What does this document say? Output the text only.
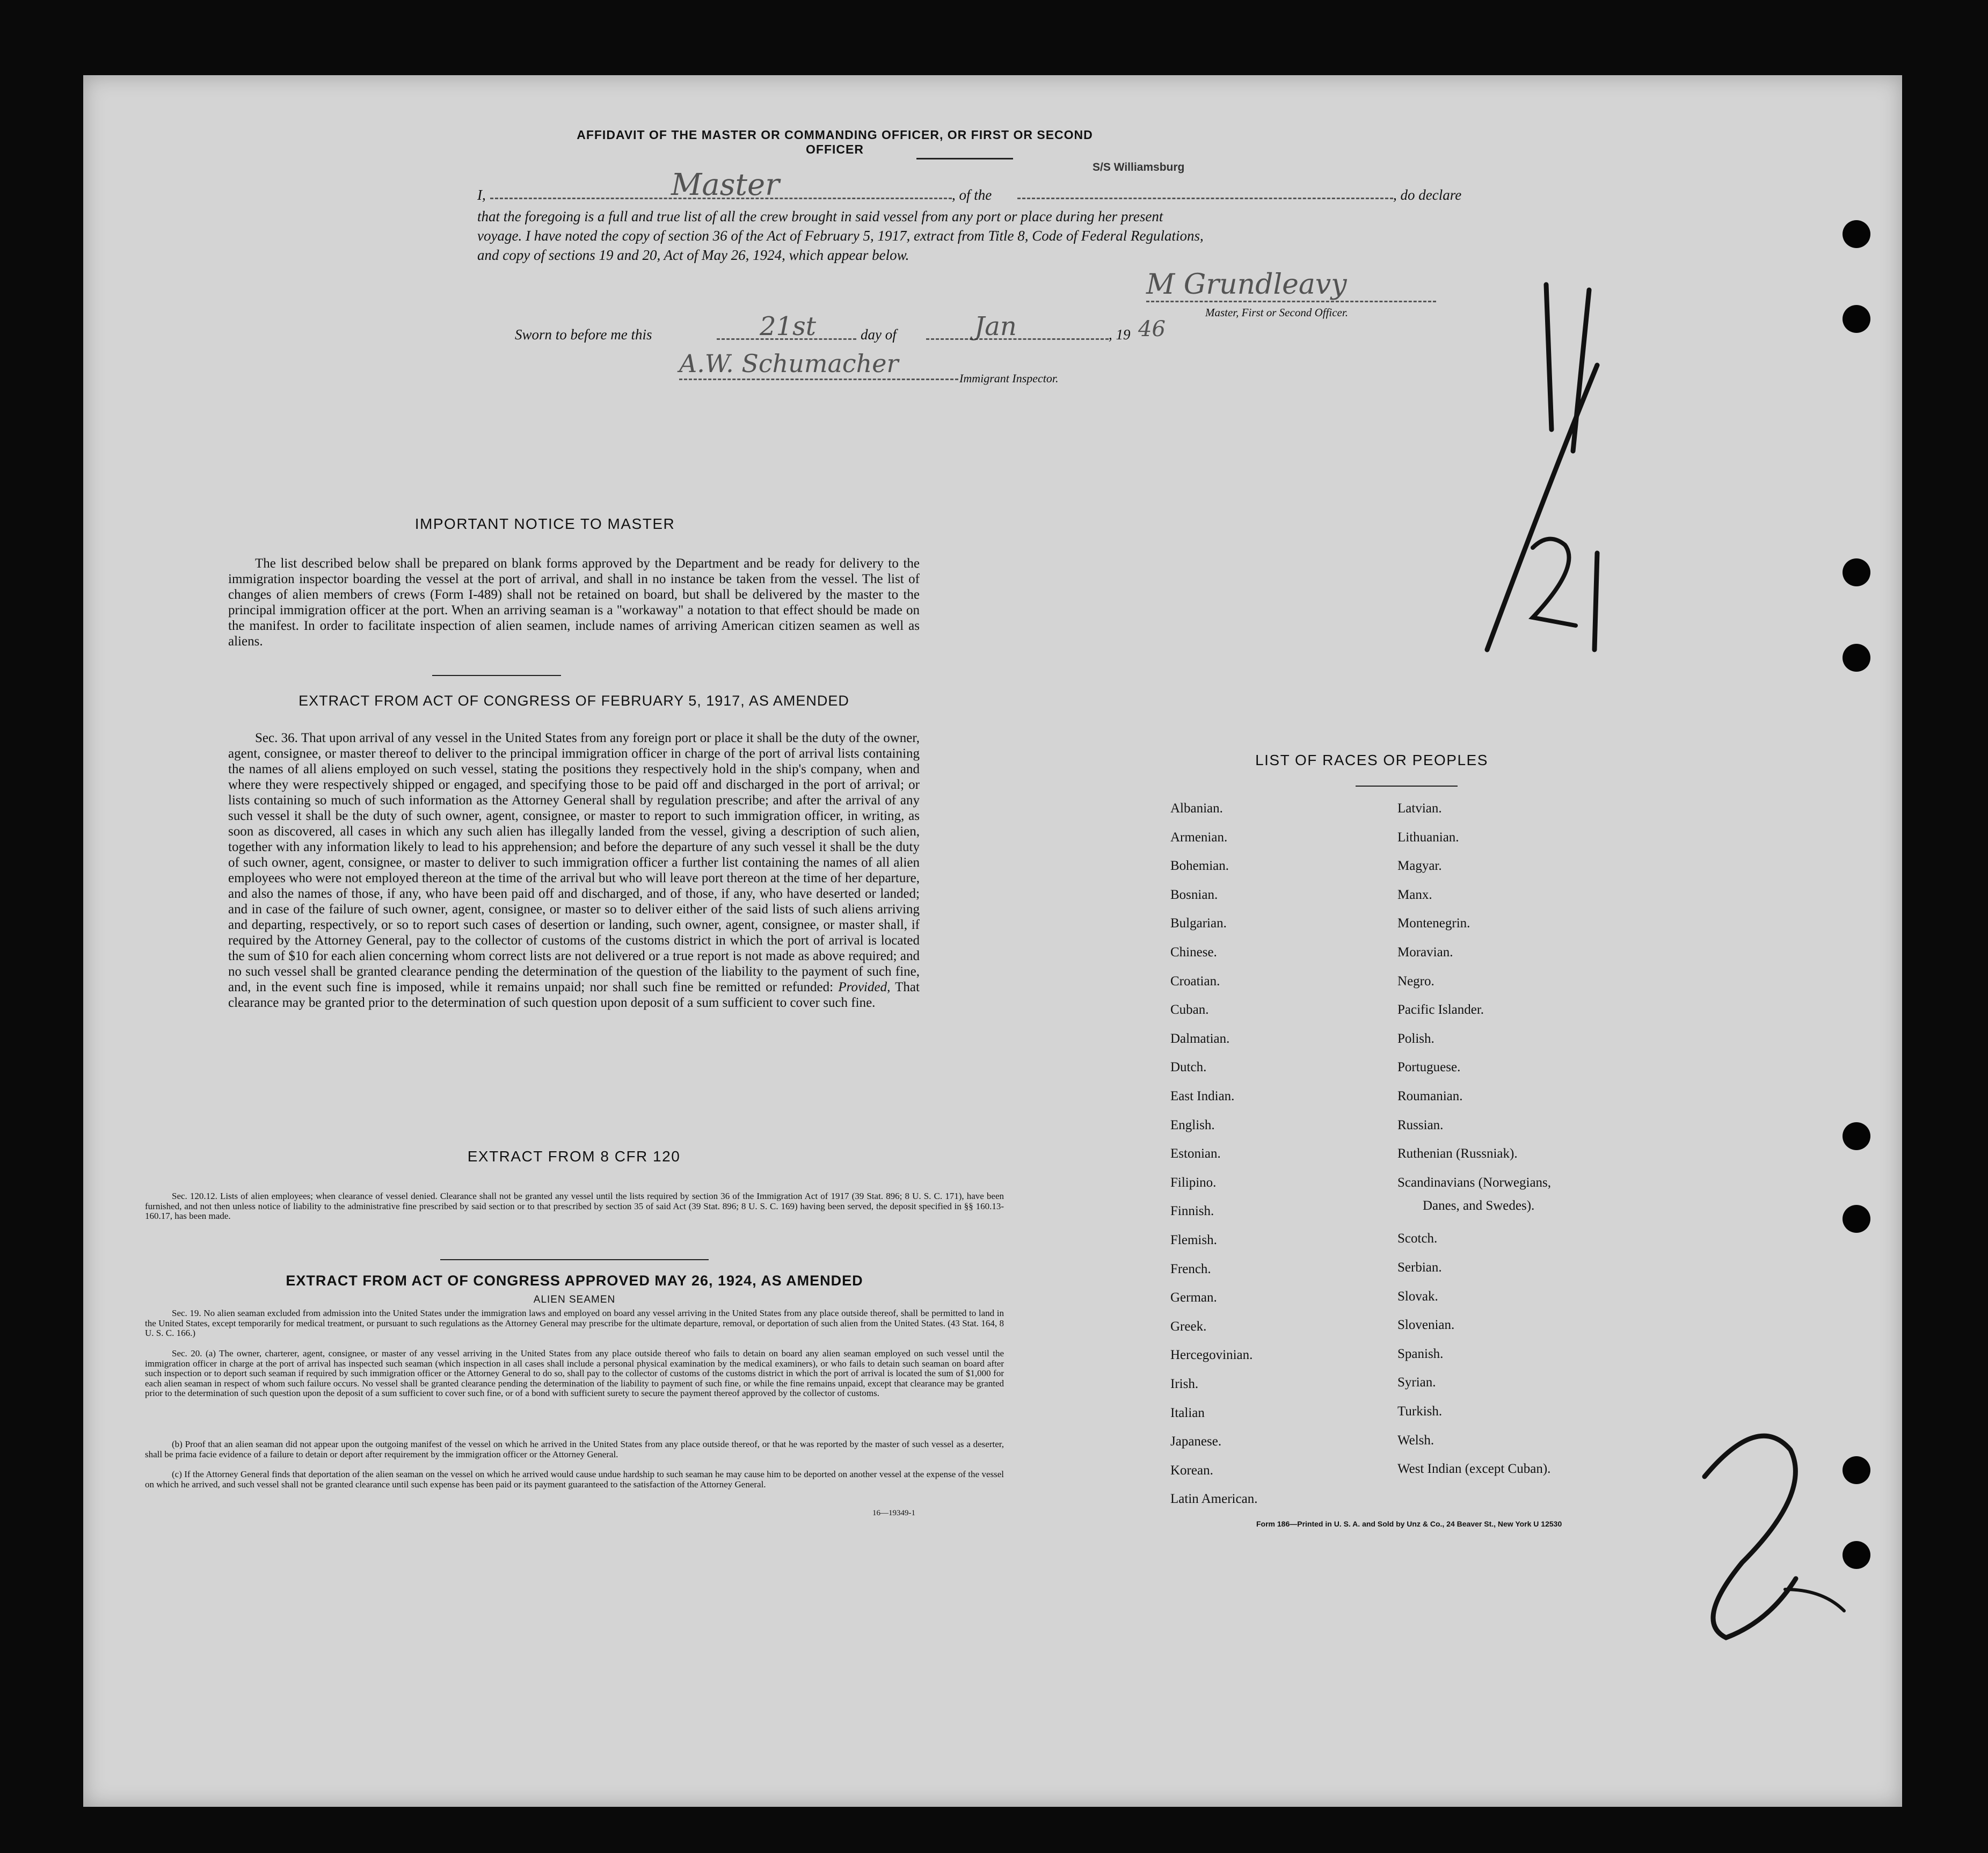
AFFIDAVIT OF THE MASTER OR COMMANDING OFFICER, OR FIRST OR SECOND OFFICER
I,	Master	, of the
S/S Williamsburg
, do declare
that the foregoing is a full and true list of all the crew brought in said vessel from any port or place during her present
voyage. I have noted the copy of section 36 of the Act of February 5, 1917, extract from Title 8, Code of Federal Regulations,
and copy of sections 19 and 20, Act of May 26, 1924, which appear below.
M Grundleavy
Master, First or Second Officer.
Sworn to before me this	21st	day of	Jan	, 19 46
A.W. Schumacher
Immigrant Inspector.
IMPORTANT NOTICE TO MASTER
The list described below shall be prepared on blank forms approved by the Department and be ready for delivery to the immigration inspector boarding the vessel at the port of arrival, and shall in no instance be taken from the vessel. The list of changes of alien members of crews (Form I-489) shall not be retained on board, but shall be delivered by the master to the principal immigration officer at the port. When an arriving seaman is a "workaway" a notation to that effect should be made on the manifest. In order to facilitate inspection of alien seamen, include names of arriving American citizen seamen as well as aliens.
EXTRACT FROM ACT OF CONGRESS OF FEBRUARY 5, 1917, AS AMENDED
Sec. 36. That upon arrival of any vessel in the United States from any foreign port or place it shall be the duty of the owner, agent, consignee, or master thereof to deliver to the principal immigration officer in charge of the port of arrival lists containing the names of all aliens employed on such vessel, stating the positions they respectively hold in the ship's company, when and where they were respectively shipped or engaged, and specifying those to be paid off and discharged in the port of arrival; or lists containing so much of such information as the Attorney General shall by regulation prescribe; and after the arrival of any such vessel it shall be the duty of such owner, agent, consignee, or master to report to such immigration officer, in writing, as soon as discovered, all cases in which any such alien has illegally landed from the vessel, giving a description of such alien, together with any information likely to lead to his apprehension; and before the departure of any such vessel it shall be the duty of such owner, agent, consignee, or master to deliver to such immigration officer a further list containing the names of all alien employees who were not employed thereon at the time of the arrival but who will leave port thereon at the time of her departure, and also the names of those, if any, who have been paid off and discharged, and of those, if any, who have deserted or landed; and in case of the failure of such owner, agent, consignee, or master so to deliver either of the said lists of such aliens arriving and departing, respectively, or so to report such cases of desertion or landing, such owner, agent, consignee, or master shall, if required by the Attorney General, pay to the collector of customs of the customs district in which the port of arrival is located the sum of $10 for each alien concerning whom correct lists are not delivered or a true report is not made as above required; and no such vessel shall be granted clearance pending the determination of the question of the liability to the payment of such fine, and, in the event such fine is imposed, while it remains unpaid; nor shall such fine be remitted or refunded: Provided, That clearance may be granted prior to the determination of such question upon deposit of a sum sufficient to cover such fine.
EXTRACT FROM 8 CFR 120
Sec. 120.12. Lists of alien employees; when clearance of vessel denied. Clearance shall not be granted any vessel until the lists required by section 36 of the Immigration Act of 1917 (39 Stat. 896; 8 U. S. C. 171), have been furnished, and not then unless notice of liability to the administrative fine prescribed by said section or to that prescribed by section 35 of said Act (39 Stat. 896; 8 U. S. C. 169) having been served, the deposit specified in §§ 160.13-160.17, has been made.
EXTRACT FROM ACT OF CONGRESS APPROVED MAY 26, 1924, AS AMENDED
ALIEN SEAMEN
Sec. 19. No alien seaman excluded from admission into the United States under the immigration laws and employed on board any vessel arriving in the United States from any place outside thereof, shall be permitted to land in the United States, except temporarily for medical treatment, or pursuant to such regulations as the Attorney General may prescribe for the ultimate departure, removal, or deportation of such alien from the United States. (43 Stat. 164, 8 U. S. C. 166.)
Sec. 20. (a) The owner, charterer, agent, consignee, or master of any vessel arriving in the United States from any place outside thereof who fails to detain on board any alien seaman employed on such vessel until the immigration officer in charge at the port of arrival has inspected such seaman (which inspection in all cases shall include a personal physical examination by the medical examiners), or who fails to detain such seaman on board after such inspection or to deport such seaman if required by such immigration officer or the Attorney General to do so, shall pay to the collector of customs of the customs district in which the port of arrival is located the sum of $1,000 for each alien seaman in respect of whom such failure occurs. No vessel shall be granted clearance pending the determination of the liability to payment of such fine, or while the fine remains unpaid, except that clearance may be granted prior to the determination of such question upon the deposit of a sum sufficient to cover such fine, or of a bond with sufficient surety to secure the payment thereof approved by the collector of customs.
(b) Proof that an alien seaman did not appear upon the outgoing manifest of the vessel on which he arrived in the United States from any place outside thereof, or that he was reported by the master of such vessel as a deserter, shall be prima facie evidence of a failure to detain or deport after requirement by the immigration officer or the Attorney General.
(c) If the Attorney General finds that deportation of the alien seaman on the vessel on which he arrived would cause undue hardship to such seaman he may cause him to be deported on another vessel at the expense of the vessel on which he arrived, and such vessel shall not be granted clearance until such expense has been paid or its payment guaranteed to the satisfaction of the Attorney General.
16—19349-1
LIST OF RACES OR PEOPLES
Albanian.
Armenian.
Bohemian.
Bosnian.
Bulgarian.
Chinese.
Croatian.
Cuban.
Dalmatian.
Dutch.
East Indian.
English.
Estonian.
Filipino.
Finnish.
Flemish.
French.
German.
Greek.
Hercegovinian.
Irish.
Italian
Japanese.
Korean.
Latin American.
Latvian.
Lithuanian.
Magyar.
Manx.
Montenegrin.
Moravian.
Negro.
Pacific Islander.
Polish.
Portuguese.
Roumanian.
Russian.
Ruthenian (Russniak).
Scandinavians (Norwegians,
Scotch.
Serbian.
Slovak.
Slovenian.
Spanish.
Syrian.
Turkish.
Welsh.
West Indian (except Cuban).
Danes, and Swedes).
Form 186—Printed in U. S. A. and Sold by Unz & Co., 24 Beaver St., New York U 12530
